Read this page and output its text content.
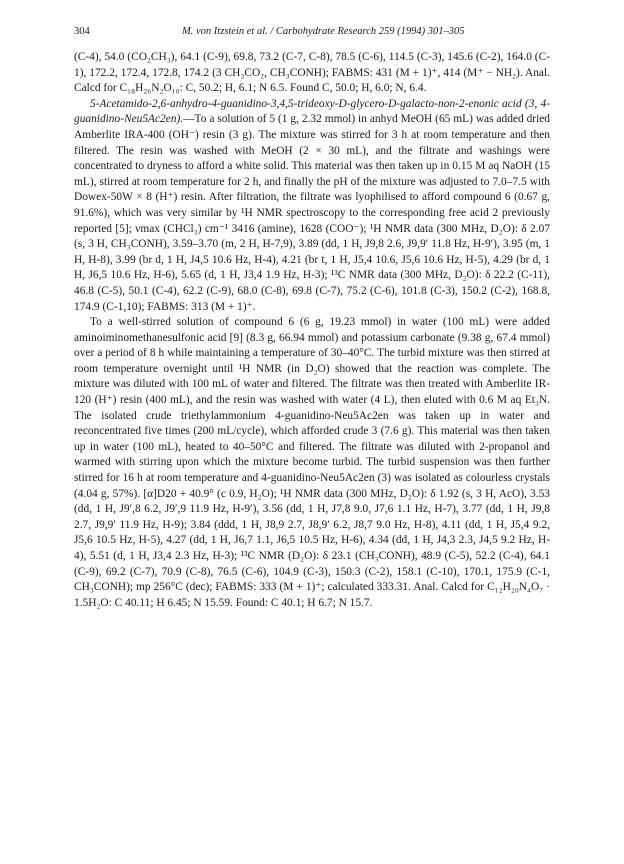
304	M. von Itzstein et al. / Carbohydrate Research 259 (1994) 301–305

(C-4), 54.0 (CO₂CH₃), 64.1 (C-9), 69.8, 73.2 (C-7, C-8), 78.5 (C-6), 114.5 (C-3), 145.6 (C-2), 164.0 (C-1), 172.2, 172.4, 172.8, 174.2 (3 CH₃CO₂, CH₃CONH); FABMS: 431 (M + 1)⁺, 414 (M⁺ − NH₂). Anal. Calcd for C₁₈H₂₆N₂O₁₀: C, 50.2; H, 6.1; N 6.5. Found C, 50.0; H, 6.0; N, 6.4.

5-Acetamido-2,6-anhydro-4-guanidino-3,4,5-trideoxy-D-glycero-D-galacto-non-2-enonic acid (3, 4-guanidino-Neu5Ac2en).—To a solution of 5 (1 g, 2.32 mmol) in anhyd MeOH (65 mL) was added dried Amberlite IRA-400 (OH⁻) resin (3 g). The mixture was stirred for 3 h at room temperature and then filtered. The resin was washed with MeOH (2 × 30 mL), and the filtrate and washings were concentrated to dryness to afford a white solid. This material was then taken up in 0.15 M aq NaOH (15 mL), stirred at room temperature for 2 h, and finally the pH of the mixture was adjusted to 7.0–7.5 with Dowex-50W × 8 (H⁺) resin. After filtration, the filtrate was lyophilised to afford compound 6 (0.67 g, 91.6%), which was very similar by ¹H NMR spectroscopy to the corresponding free acid 2 previously reported [5]; νmax (CHCl₃) cm⁻¹ 3416 (amine), 1628 (COO⁻); ¹H NMR data (300 MHz, D₂O): δ 2.07 (s, 3 H, CH₃CONH), 3.59–3.70 (m, 2 H, H-7,9), 3.89 (dd, 1 H, J9,8 2.6, J9,9′ 11.8 Hz, H-9′), 3.95 (m, 1 H, H-8), 3.99 (br d, 1 H, J4,5 10.6 Hz, H-4), 4.21 (br t, 1 H, J5,4 10.6, J5,6 10.6 Hz, H-5), 4.29 (br d, 1 H, J6,5 10.6 Hz, H-6), 5.65 (d, 1 H, J3,4 1.9 Hz, H-3); ¹³C NMR data (300 MHz, D₂O): δ 22.2 (C-11), 46.8 (C-5), 50.1 (C-4), 62.2 (C-9), 68.0 (C-8), 69.8 (C-7), 75.2 (C-6), 101.8 (C-3), 150.2 (C-2), 168.8, 174.9 (C-1,10); FABMS: 313 (M + 1)⁺.

To a well-stirred solution of compound 6 (6 g, 19.23 mmol) in water (100 mL) were added aminoiminomethanesulfonic acid [9] (8.3 g, 66.94 mmol) and potassium carbonate (9.38 g, 67.4 mmol) over a period of 8 h while maintaining a temperature of 30–40°C. The turbid mixture was then stirred at room temperature overnight until ¹H NMR (in D₂O) showed that the reaction was complete. The mixture was diluted with 100 mL of water and filtered. The filtrate was then treated with Amberlite IR-120 (H⁺) resin (400 mL), and the resin was washed with water (4 L), then eluted with 0.6 M aq Et₃N. The isolated crude triethylammonium 4-guanidino-Neu5Ac2en was taken up in water and reconcentrated five times (200 mL/cycle), which afforded crude 3 (7.6 g). This material was then taken up in water (100 mL), heated to 40–50°C and filtered. The filtrate was diluted with 2-propanol and warmed with stirring upon which the mixture become turbid. The turbid suspension was then further stirred for 16 h at room temperature and 4-guanidino-Neu5Ac2en (3) was isolated as colourless crystals (4.04 g, 57%). [α]D20 + 40.9° (c 0.9, H₂O); ¹H NMR data (300 MHz, D₂O): δ 1.92 (s, 3 H, AcO), 3.53 (dd, 1 H, J9′,8 6.2, J9′,9 11.9 Hz, H-9′), 3.56 (dd, 1 H, J7,8 9.0, J7,6 1.1 Hz, H-7), 3.77 (dd, 1 H, J9,8 2.7, J9,9′ 11.9 Hz, H-9); 3.84 (ddd, 1 H, J8,9 2.7, J8,9′ 6.2, J8,7 9.0 Hz, H-8), 4.11 (dd, 1 H, J5,4 9.2, J5,6 10.5 Hz, H-5), 4.27 (dd, 1 H, J6,7 1.1, J6,5 10.5 Hz, H-6), 4.34 (dd, 1 H, J4,3 2.3, J4,5 9.2 Hz, H-4), 5.51 (d, 1 H, J3,4 2.3 Hz, H-3); ¹³C NMR (D₂O): δ 23.1 (CH₃CONH), 48.9 (C-5), 52.2 (C-4), 64.1 (C-9), 69.2 (C-7), 70.9 (C-8), 76.5 (C-6), 104.9 (C-3), 150.3 (C-2), 158.1 (C-10), 170.1, 175.9 (C-1, CH₃CONH); mp 256°C (dec); FABMS: 333 (M + 1)⁺; calculated 333.31. Anal. Calcd for C₁₂H₂₀N₄O₇ · 1.5H₂O: C 40.11; H 6.45; N 15.59. Found: C 40.1; H 6.7; N 15.7.
